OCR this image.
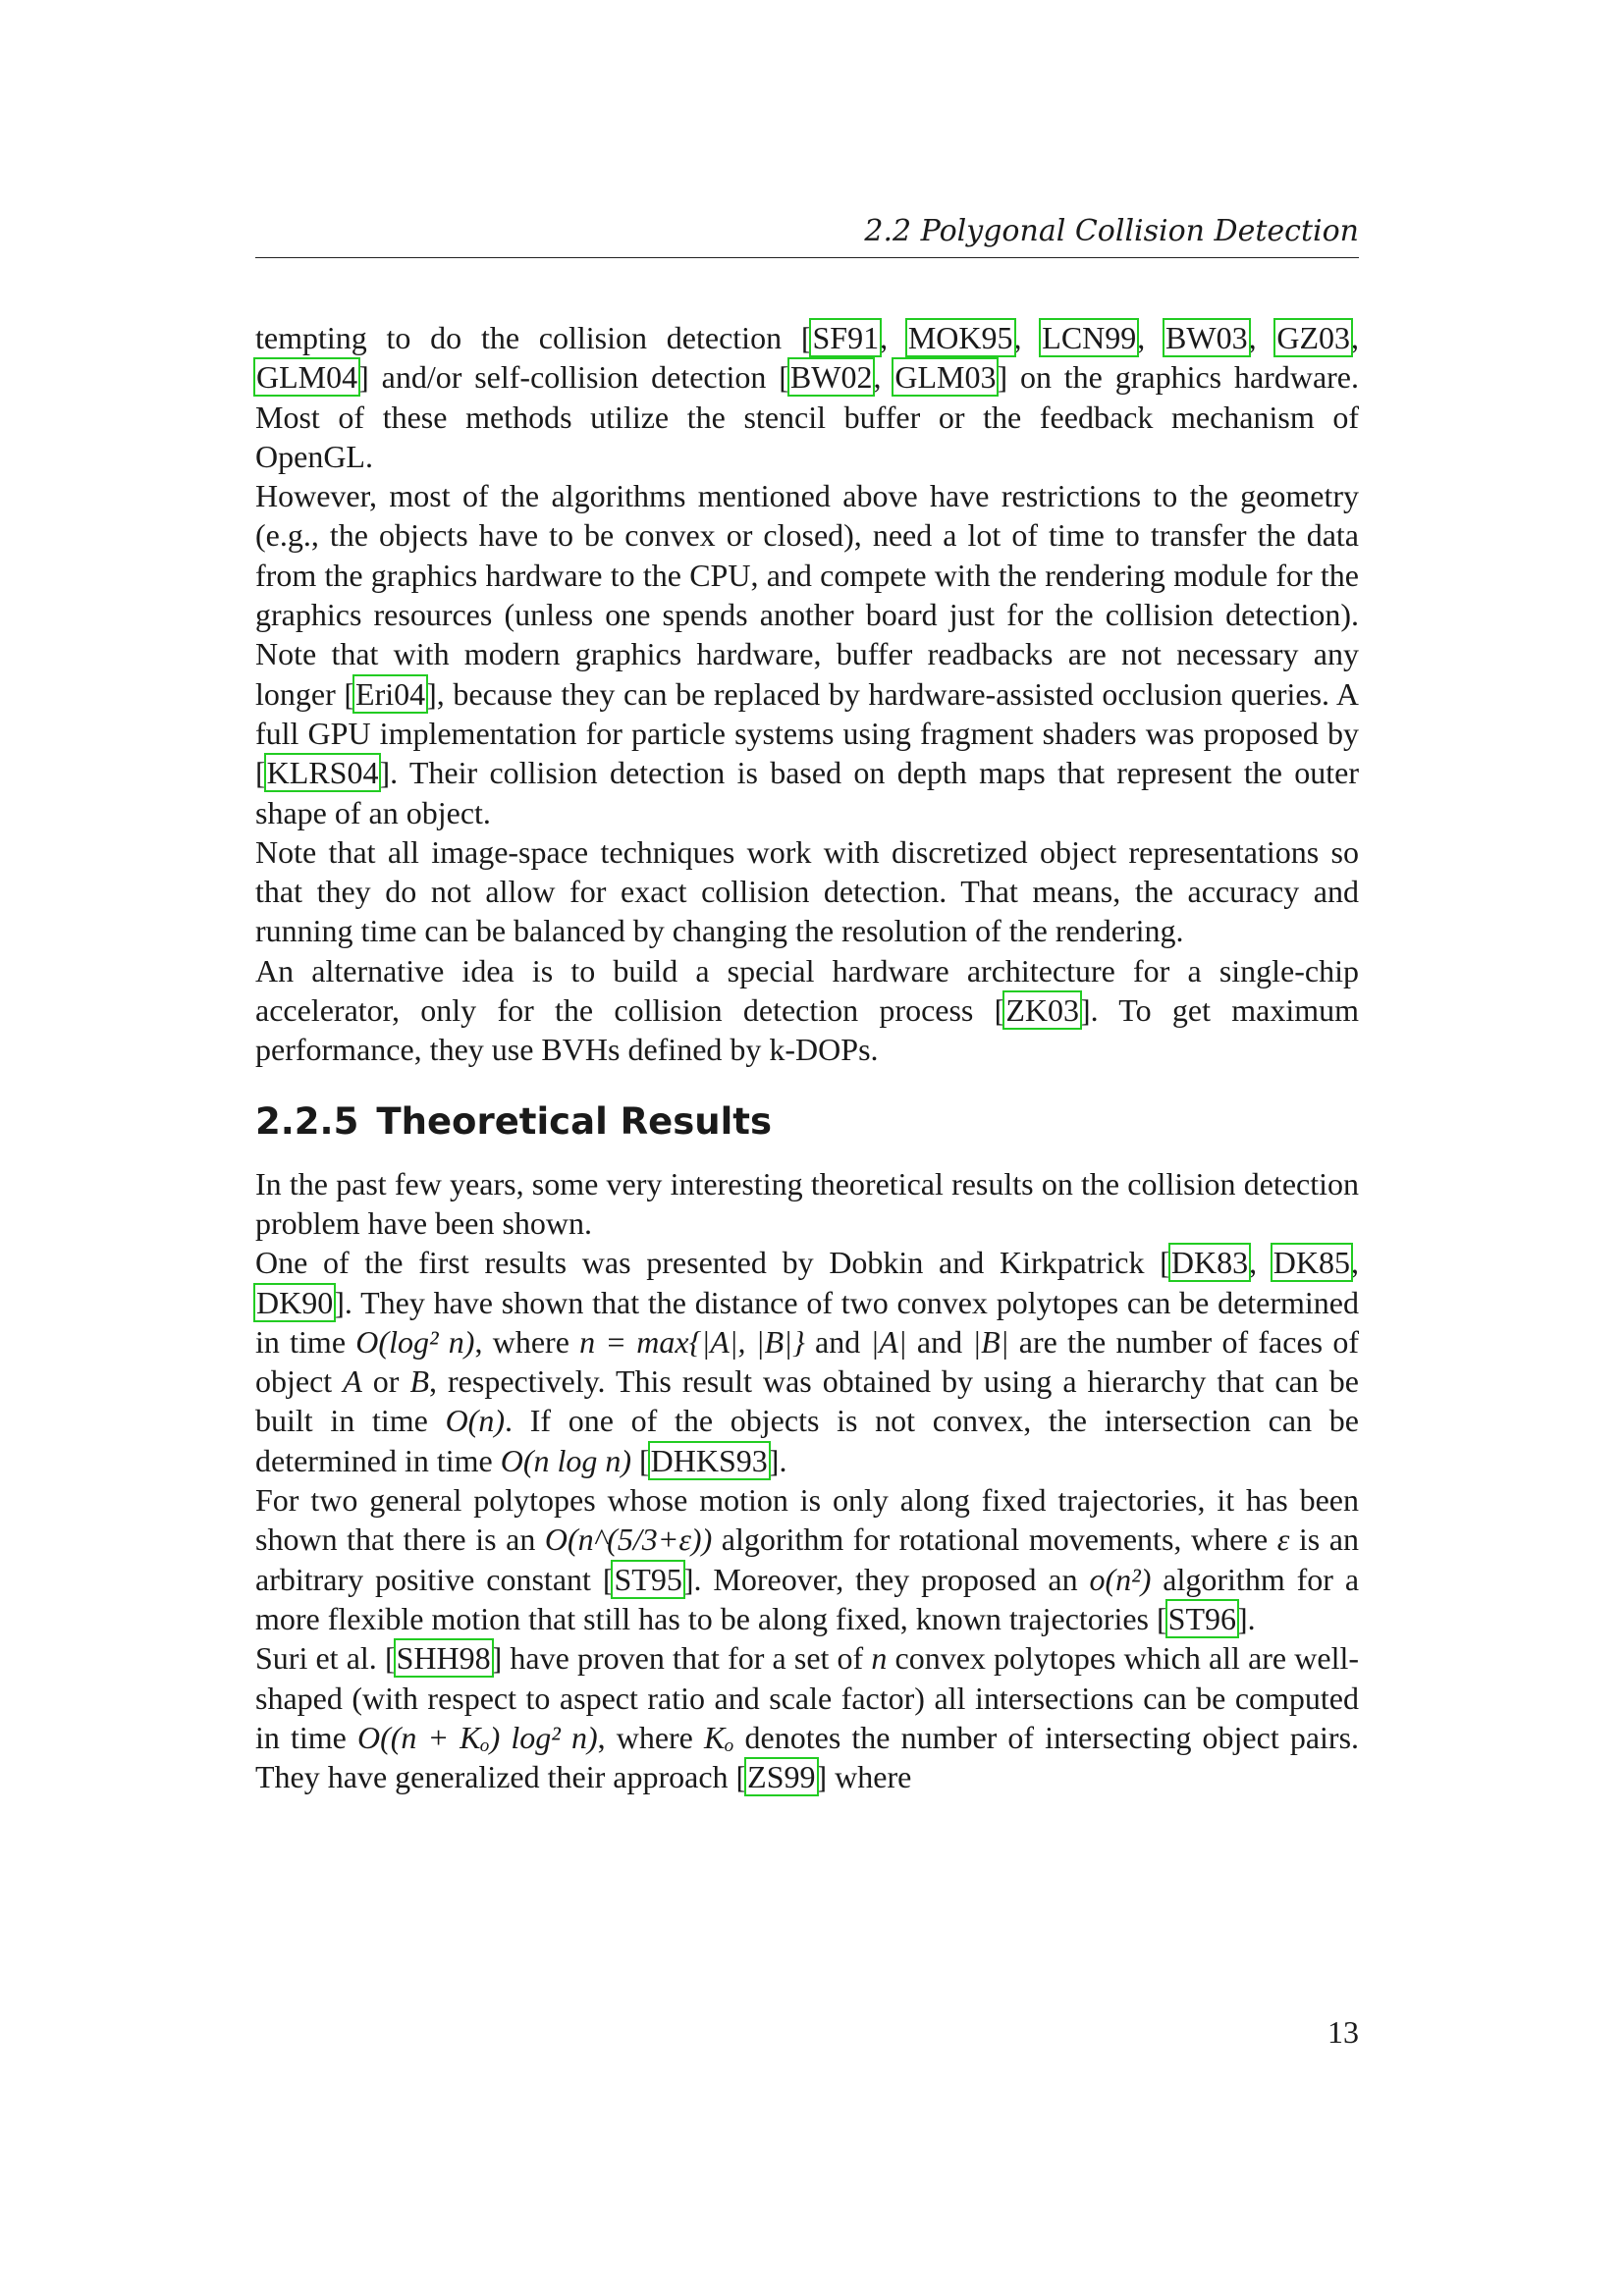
2.2 Polygonal Collision Detection

tempting to do the collision detection [SF91, MOK95, LCN99, BW03, GZ03, GLM04] and/or self-collision detection [BW02, GLM03] on the graphics hardware. Most of these methods utilize the stencil buffer or the feedback mechanism of OpenGL.

However, most of the algorithms mentioned above have restrictions to the geometry (e.g., the objects have to be convex or closed), need a lot of time to transfer the data from the graphics hardware to the CPU, and compete with the rendering module for the graphics resources (unless one spends another board just for the collision detection). Note that with modern graphics hardware, buffer readbacks are not necessary any longer [Eri04], because they can be replaced by hardware-assisted occlusion queries. A full GPU implementation for particle systems using fragment shaders was proposed by [KLRS04]. Their collision detection is based on depth maps that represent the outer shape of an object.

Note that all image-space techniques work with discretized object representations so that they do not allow for exact collision detection. That means, the accuracy and running time can be balanced by changing the resolution of the rendering.

An alternative idea is to build a special hardware architecture for a single-chip accelerator, only for the collision detection process [ZK03]. To get maximum performance, they use BVHs defined by k-DOPs.

2.2.5 Theoretical Results

In the past few years, some very interesting theoretical results on the collision detection problem have been shown.

One of the first results was presented by Dobkin and Kirkpatrick [DK83, DK85, DK90]. They have shown that the distance of two convex polytopes can be determined in time O(log² n), where n = max{|A|, |B|} and |A| and |B| are the number of faces of object A or B, respectively. This result was obtained by using a hierarchy that can be built in time O(n). If one of the objects is not convex, the intersection can be determined in time O(n log n) [DHKS93].

For two general polytopes whose motion is only along fixed trajectories, it has been shown that there is an O(n^(5/3+ε)) algorithm for rotational movements, where ε is an arbitrary positive constant [ST95]. Moreover, they proposed an o(n²) algorithm for a more flexible motion that still has to be along fixed, known trajectories [ST96].

Suri et al. [SHH98] have proven that for a set of n convex polytopes which all are well-shaped (with respect to aspect ratio and scale factor) all intersections can be computed in time O((n + Kₒ) log² n), where Kₒ denotes the number of intersecting object pairs. They have generalized their approach [ZS99] where

13
